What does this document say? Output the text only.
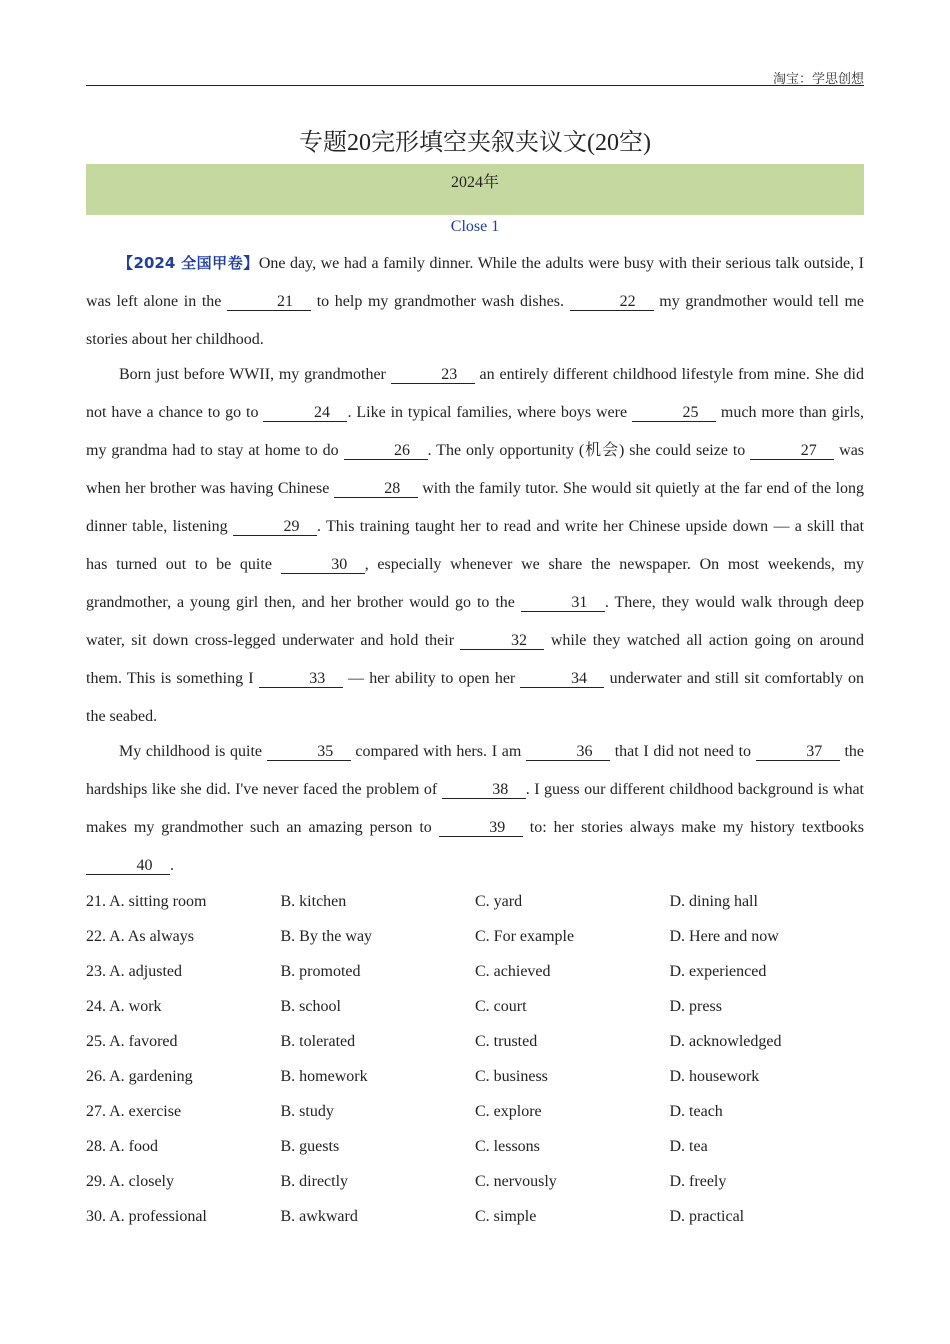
淘宝：学思创想
专题20完形填空夹叙夹议文(20空)
2024年
Close 1
【2024 全国甲卷】One day, we had a family dinner. While the adults were busy with their serious talk outside, I was left alone in the	21 to help my grandmother wash dishes.	22 my grandmother would tell me stories about her childhood.
Born just before WWII, my grandmother	23 an entirely different childhood lifestyle from mine. She did not have a chance to go to	24 . Like in typical families, where boys were	25 much more than girls, my grandma had to stay at home to do	26 . The only opportunity (机会) she could seize to	27 was when her brother was having Chinese	28 with the family tutor. She would sit quietly at the far end of the long dinner table, listening	29 . This training taught her to read and write her Chinese upside down — a skill that has turned out to be quite	30 , especially whenever we share the newspaper. On most weekends, my grandmother, a young girl then, and her brother would go to the	31 . There, they would walk through deep water, sit down cross-legged underwater and hold their	32 while they watched all action going on around them. This is something I	33 — her ability to open her	34 underwater and still sit comfortably on the seabed.
My childhood is quite	35 compared with hers. I am	36 that I did not need to	37 the hardships like she did. I've never faced the problem of	38 . I guess our different childhood background is what makes my grandmother such an amazing person to	39 to: her stories always make my history textbooks 40 .
21. A. sitting room	B. kitchen	C. yard	D. dining hall
22. A. As always	B. By the way	C. For example	D. Here and now
23. A. adjusted	B. promoted	C. achieved	D. experienced
24. A. work	B. school	C. court	D. press
25. A. favored	B. tolerated	C. trusted	D. acknowledged
26. A. gardening	B. homework	C. business	D. housework
27. A. exercise	B. study	C. explore	D. teach
28. A. food	B. guests	C. lessons	D. tea
29. A. closely	B. directly	C. nervously	D. freely
30. A. professional	B. awkward	C. simple	D. practical
